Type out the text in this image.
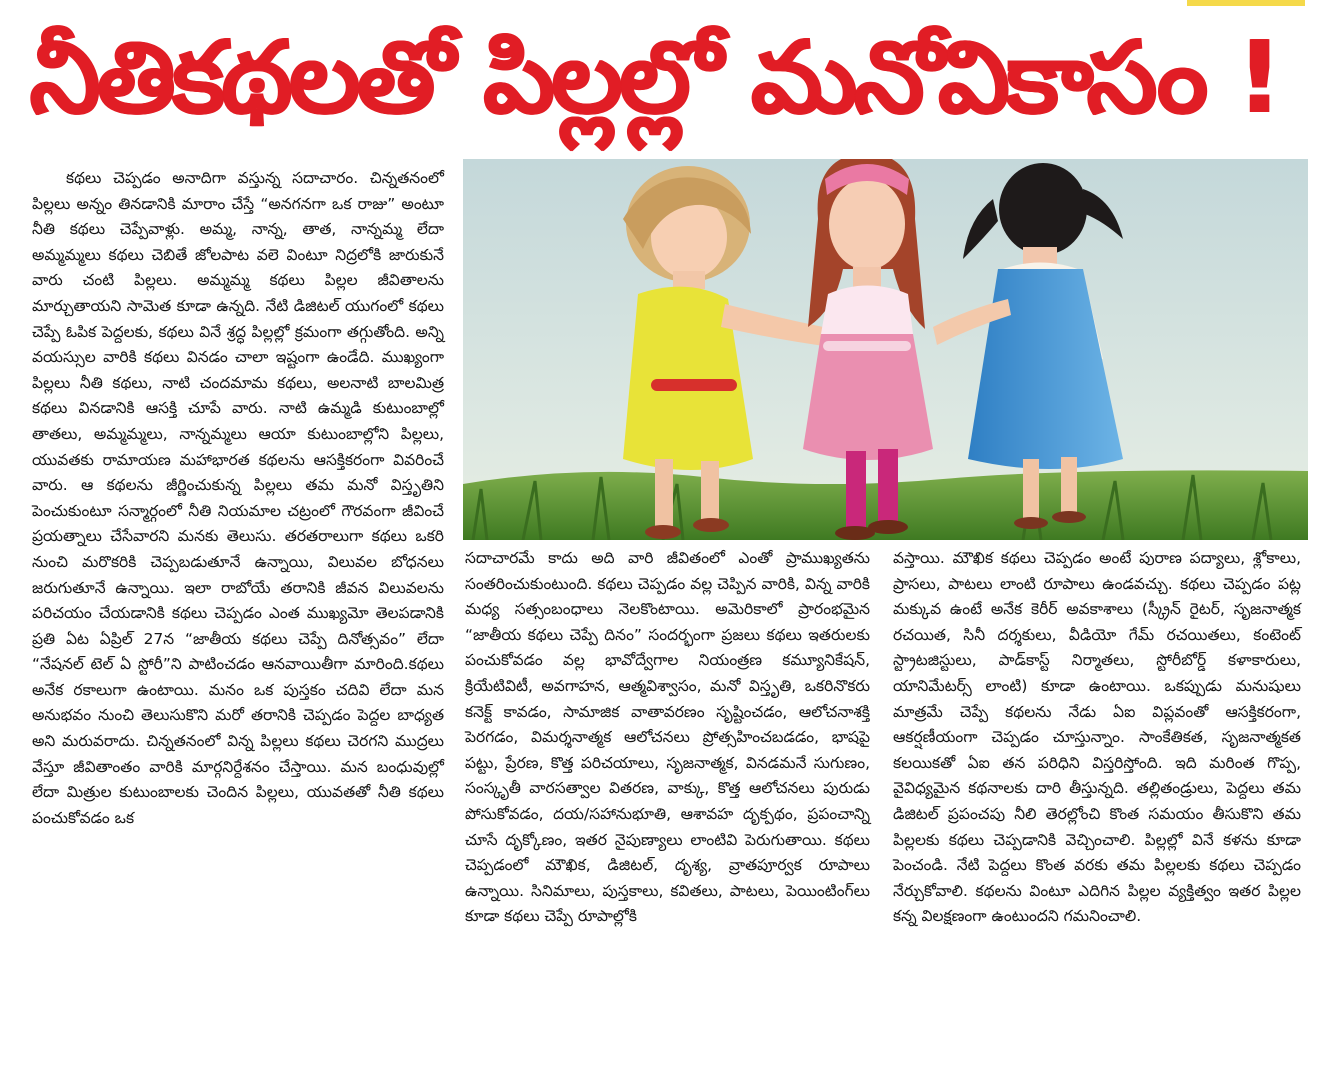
నీతికథలతో పిల్లల్లో మనోవికాసం !

కథలు చెప్పడం అనాదిగా వస్తున్న సదాచారం. చిన్నతనంలో పిల్లలు అన్నం తినడానికి మారాం చేస్తే “అనగనగా ఒక రాజు” అంటూ నీతి కథలు చెప్పేవాళ్లు. అమ్మ, నాన్న, తాత, నాన్నమ్మ లేదా అమ్మమ్మలు కథలు చెబితే జోలపాట వలె వింటూ నిద్రలోకి జారుకునే వారు చంటి పిల్లలు. అమ్మమ్మ కథలు పిల్లల జీవితాలను మార్చుతాయని సామెత కూడా ఉన్నది. నేటి డిజిటల్ యుగంలో కథలు చెప్పే ఓపిక పెద్దలకు, కథలు వినే శ్రద్ధ పిల్లల్లో క్రమంగా తగ్గుతోంది. అన్ని వయస్సుల వారికి కథలు వినడం చాలా ఇష్టంగా ఉండేది. ముఖ్యంగా పిల్లలు నీతి కథలు, నాటి చందమామ కథలు, అలనాటి బాలమిత్ర కథలు వినడానికి ఆసక్తి చూపే వారు. నాటి ఉమ్మడి కుటుంబాల్లో తాతలు, అమ్మమ్మలు, నాన్నమ్మలు ఆయా కుటుంబాల్లోని పిల్లలు, యువతకు రామాయణ మహాభారత కథలను ఆసక్తికరంగా వివరించే వారు. ఆ కథలను జీర్ణించుకున్న పిల్లలు తమ మనో విస్తృతిని పెంచుకుంటూ సన్మార్గంలో నీతి నియమాల చట్రంలో గౌరవంగా జీవించే ప్రయత్నాలు చేసేవారని మనకు తెలుసు. తరతరాలుగా కథలు ఒకరి నుంచి మరొకరికి చెప్పబడుతూనే ఉన్నాయి, విలువల బోధనలు జరుగుతూనే ఉన్నాయి. ఇలా రాబోయే తరానికి జీవన విలువలను పరిచయం చేయడానికి కథలు చెప్పడం ఎంత ముఖ్యమో తెలపడానికి ప్రతి ఏట ఏప్రిల్ 27న “జాతీయ కథలు చెప్పే దినోత్సవం” లేదా “నేషనల్ టెల్ ఏ స్టోరీ”ని పాటించడం ఆనవాయితీగా మారింది.కథలు అనేక రకాలుగా ఉంటాయి. మనం ఒక పుస్తకం చదివి లేదా మన అనుభవం నుంచి తెలుసుకొని మరో తరానికి చెప్పడం పెద్దల బాధ్యత అని మరువరాదు. చిన్నతనంలో విన్న పిల్లలు కథలు చెరగని ముద్రలు వేస్తూ జీవితాంతం వారికి మార్గనిర్దేశనం చేస్తాయి. మన బంధువుల్లో లేదా మిత్రుల కుటుంబాలకు చెందిన పిల్లలు, యువతతో నీతి కథలు పంచుకోవడం ఒక

సదాచారమే కాదు అది వారి జీవితంలో ఎంతో ప్రాముఖ్యతను సంతరించుకుంటుంది. కథలు చెప్పడం వల్ల చెప్పిన వారికి, విన్న వారికి మధ్య సత్సంబంధాలు నెలకొంటాయి. అమెరికాలో ప్రారంభమైన “జాతీయ కథలు చెప్పే దినం” సందర్భంగా ప్రజలు కథలు ఇతరులకు పంచుకోవడం వల్ల భావోద్వేగాల నియంత్రణ కమ్యూనికేషన్, క్రియేటివిటీ, అవగాహన, ఆత్మవిశ్వాసం, మనో విస్తృతి, ఒకరినొకరు కనెక్ట్ కావడం, సామాజిక వాతావరణం సృష్టించడం, ఆలోచనాశక్తి పెరగడం, విమర్శనాత్మక ఆలోచనలు ప్రోత్సహించబడడం, భాషపై పట్టు, ప్రేరణ, కొత్త పరిచయాలు, సృజనాత్మక, వినడమనే సుగుణం, సంస్కృతీ వారసత్వాల వితరణ, వాక్కు, కొత్త ఆలోచనలు పురుడు పోసుకోవడం, దయ/సహానుభూతి, ఆశావహ దృక్పథం, ప్రపంచాన్ని చూసే దృక్కోణం, ఇతర నైపుణ్యాలు లాంటివి పెరుగుతాయి. కథలు చెప్పడంలో మౌఖిక, డిజిటల్, దృశ్య, వ్రాతపూర్వక రూపాలు ఉన్నాయి. సినిమాలు, పుస్తకాలు, కవితలు, పాటలు, పెయింటింగ్‌లు కూడా కథలు చెప్పే రూపాల్లోకి

వస్తాయి. మౌఖిక కథలు చెప్పడం అంటే పురాణ పద్యాలు, శ్లోకాలు, ప్రాసలు, పాటలు లాంటి రూపాలు ఉండవచ్చు. కథలు చెప్పడం పట్ల మక్కువ ఉంటే అనేక కెరీర్ అవకాశాలు (స్క్రీన్ రైటర్, సృజనాత్మక రచయిత, సినీ దర్శకులు, వీడియో గేమ్ రచయితలు, కంటెంట్ స్ట్రాటజిస్టులు, పాడ్‌కాస్ట్ నిర్మాతలు, స్టోరీబోర్డ్ కళాకారులు, యానిమేటర్స్ లాంటి) కూడా ఉంటాయి. ఒకప్పుడు మనుషులు మాత్రమే చెప్పే కథలను నేడు ఏఐ విప్లవంతో ఆసక్తికరంగా, ఆకర్షణీయంగా చెప్పడం చూస్తున్నాం. సాంకేతికత, సృజనాత్మకత కలయికతో ఏఐ తన పరిధిని విస్తరిస్తోంది. ఇది మరింత గొప్ప, వైవిధ్యమైన కథనాలకు దారి తీస్తున్నది. తల్లితండ్రులు, పెద్దలు తమ డిజిటల్ ప్రపంచపు నీలి తెరల్లోంచి కొంత సమయం తీసుకొని తమ పిల్లలకు కథలు చెప్పడానికి వెచ్చించాలి. పిల్లల్లో వినే కళను కూడా పెంచండి. నేటి పెద్దలు కొంత వరకు తమ పిల్లలకు కథలు చెప్పడం నేర్చుకోవాలి. కథలను వింటూ ఎదిగిన పిల్లల వ్యక్తిత్వం ఇతర పిల్లల కన్న విలక్షణంగా ఉంటుందని గమనించాలి.
